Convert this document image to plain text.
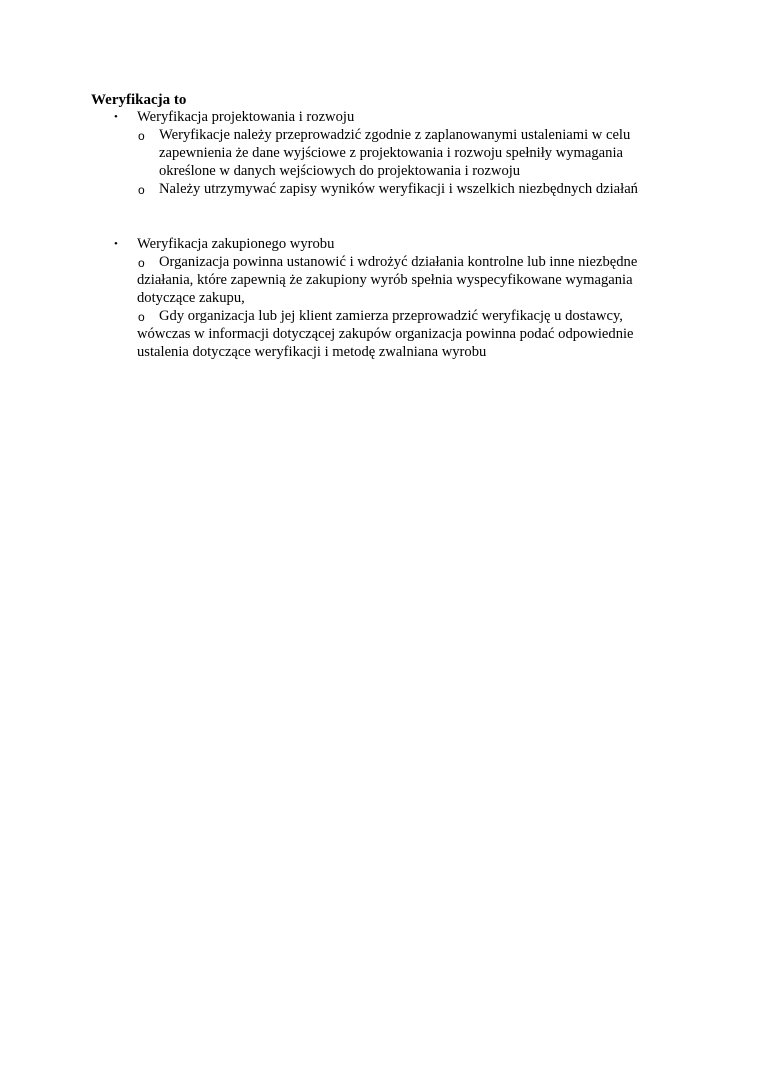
Weryfikacja to
• Weryfikacja projektowania i rozwoju
o Weryfikacje należy przeprowadzić zgodnie z zaplanowanymi ustaleniami w celu
zapewnienia że dane wyjściowe z projektowania i rozwoju spełniły wymagania
określone w danych wejściowych do projektowania i rozwoju
o Należy utrzymywać zapisy wyników weryfikacji i wszelkich niezbędnych działań
• Weryfikacja zakupionego wyrobu
o Organizacja powinna ustanowić i wdrożyć działania kontrolne lub inne niezbędne
działania, które zapewnią że zakupiony wyrób spełnia wyspecyfikowane wymagania
dotyczące zakupu,
o Gdy organizacja lub jej klient zamierza przeprowadzić weryfikację u dostawcy,
wówczas w informacji dotyczącej zakupów organizacja powinna podać odpowiednie
ustalenia dotyczące weryfikacji i metodę zwalniana wyrobu
